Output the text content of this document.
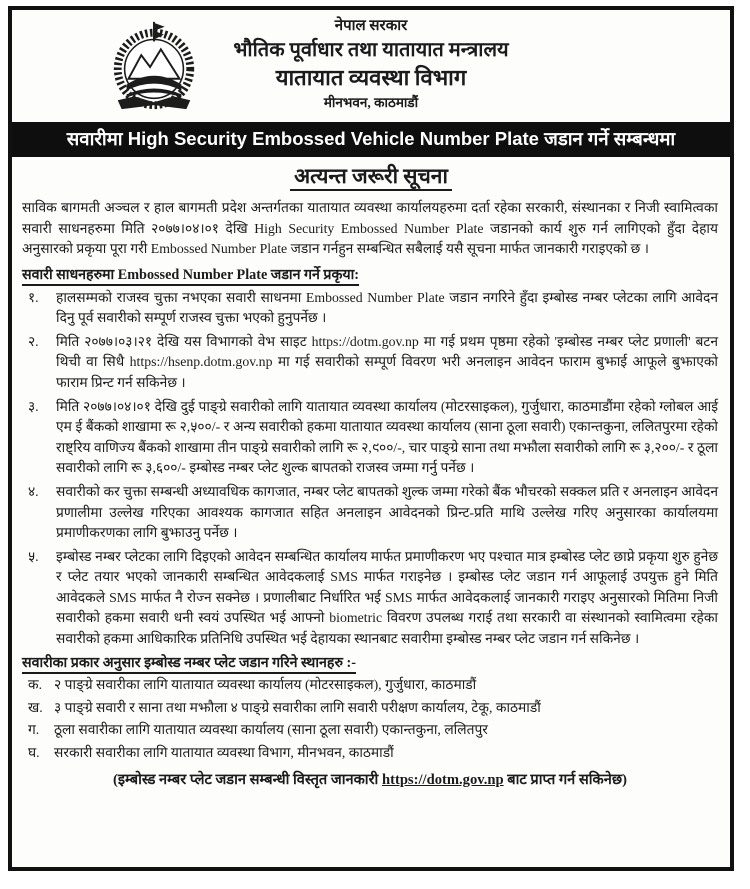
नेपाल सरकार
भौतिक पूर्वाधार तथा यातायात मन्त्रालय
यातायात व्यवस्था विभाग
मीनभवन, काठमाडौं
सवारीमा High Security Embossed Vehicle Number Plate जडान गर्ने सम्बन्धमा
अत्यन्त जरूरी सूचना
साविक बागमती अञ्चल र हाल बागमती प्रदेश अन्तर्गतका यातायात व्यवस्था कार्यालयहरुमा दर्ता रहेका सरकारी, संस्थानका र निजी स्वामित्वका सवारी साधनहरुमा मिति २०७७।०४।०१ देखि High Security Embossed Number Plate जडानको कार्य शुरु गर्न लागिएको हुँदा देहाय अनुसारको प्रकृया पूरा गरी Embossed Number Plate जडान गर्नहुन सम्बन्धित सबैलाई यसै सूचना मार्फत जानकारी गराइएको छ ।
सवारी साधनहरुमा Embossed Number Plate जडान गर्ने प्रकृया:
१.	हालसम्मको राजस्व चुक्ता नभएका सवारी साधनमा Embossed Number Plate जडान नगरिने हुँदा इम्बोस्ड नम्बर प्लेटका लागि आवेदन दिनु पूर्व सवारीको सम्पूर्ण राजस्व चुक्ता भएको हुनुपर्नेछ ।
२.	मिति २०७७।०३।२१ देखि यस विभागको वेभ साइट https://dotm.gov.np मा गई प्रथम पृष्ठमा रहेको 'इम्बोस्ड नम्बर प्लेट प्रणाली' बटन थिची वा सिधै https://hsenp.dotm.gov.np मा गई सवारीको सम्पूर्ण विवरण भरी अनलाइन आवेदन फाराम बुझाई आफूले बुझाएको फाराम प्रिन्ट गर्न सकिनेछ ।
३.	मिति २०७७।०४।०१ देखि दुई पाङ्ग्रे सवारीको लागि यातायात व्यवस्था कार्यालय (मोटरसाइकल), गुर्जुधारा, काठमाडौंमा रहेको ग्लोबल आई एम ई बैंकको शाखामा रू २,५००/- र अन्य सवारीको हकमा यातायात व्यवस्था कार्यालय (साना ठूला सवारी) एकान्तकुना, ललितपुरमा रहेको राष्ट्रिय वाणिज्य बैंकको शाखामा तीन पाङ्ग्रे सवारीको लागि रू २,९००/-, चार पाङ्ग्रे साना तथा मझौला सवारीको लागि रू ३,२००/- र ठूला सवारीको लागि रू ३,६००/- इम्बोस्ड नम्बर प्लेट शुल्क बापतको राजस्व जम्मा गर्नु पर्नेछ ।
४.	सवारीको कर चुक्ता सम्बन्धी अध्यावधिक कागजात, नम्बर प्लेट बापतको शुल्क जम्मा गरेको बैंक भौचरको सक्कल प्रति र अनलाइन आवेदन प्रणालीमा उल्लेख गरिएका आवश्यक कागजात सहित अनलाइन आवेदनको प्रिन्ट-प्रति माथि उल्लेख गरिए अनुसारका कार्यालयमा प्रमाणीकरणका लागि बुझाउनु पर्नेछ ।
५.	इम्बोस्ड नम्बर प्लेटका लागि दिइएको आवेदन सम्बन्धित कार्यालय मार्फत प्रमाणीकरण भए पश्चात मात्र इम्बोस्ड प्लेट छाप्ने प्रकृया शुरु हुनेछ र प्लेट तयार भएको जानकारी सम्बन्धित आवेदकलाई SMS मार्फत गराइनेछ । इम्बोस्ड प्लेट जडान गर्न आफूलाई उपयुक्त हुने मिति आवेदकले SMS मार्फत नै रोज्न सक्नेछ । प्रणालीबाट निर्धारित भई SMS मार्फत आवेदकलाई जानकारी गराइए अनुसारको मितिमा निजी सवारीको हकमा सवारी धनी स्वयं उपस्थित भई आफ्नो biometric विवरण उपलब्ध गराई तथा सरकारी वा संस्थानको स्वामित्वमा रहेका सवारीको हकमा आधिकारिक प्रतिनिधि उपस्थित भई देहायका स्थानबाट सवारीमा इम्बोस्ड नम्बर प्लेट जडान गर्न सकिनेछ ।
सवारीका प्रकार अनुसार इम्बोस्ड नम्बर प्लेट जडान गरिने स्थानहरु :-
क. २ पाङ्ग्रे सवारीका लागि यातायात व्यवस्था कार्यालय (मोटरसाइकल), गुर्जुधारा, काठमाडौं
ख. ३ पाङ्ग्रे सवारी र साना तथा मझौला ४ पाङ्ग्रे सवारीका लागि सवारी परीक्षण कार्यालय, टेकू, काठमाडौं
ग.	ठूला सवारीका लागि यातायात व्यवस्था कार्यालय (साना ठूला सवारी) एकान्तकुना, ललितपुर
घ.	सरकारी सवारीका लागि यातायात व्यवस्था विभाग, मीनभवन, काठमाडौं
(इम्बोस्ड नम्बर प्लेट जडान सम्बन्धी विस्तृत जानकारी https://dotm.gov.np बाट प्राप्त गर्न सकिनेछ)
